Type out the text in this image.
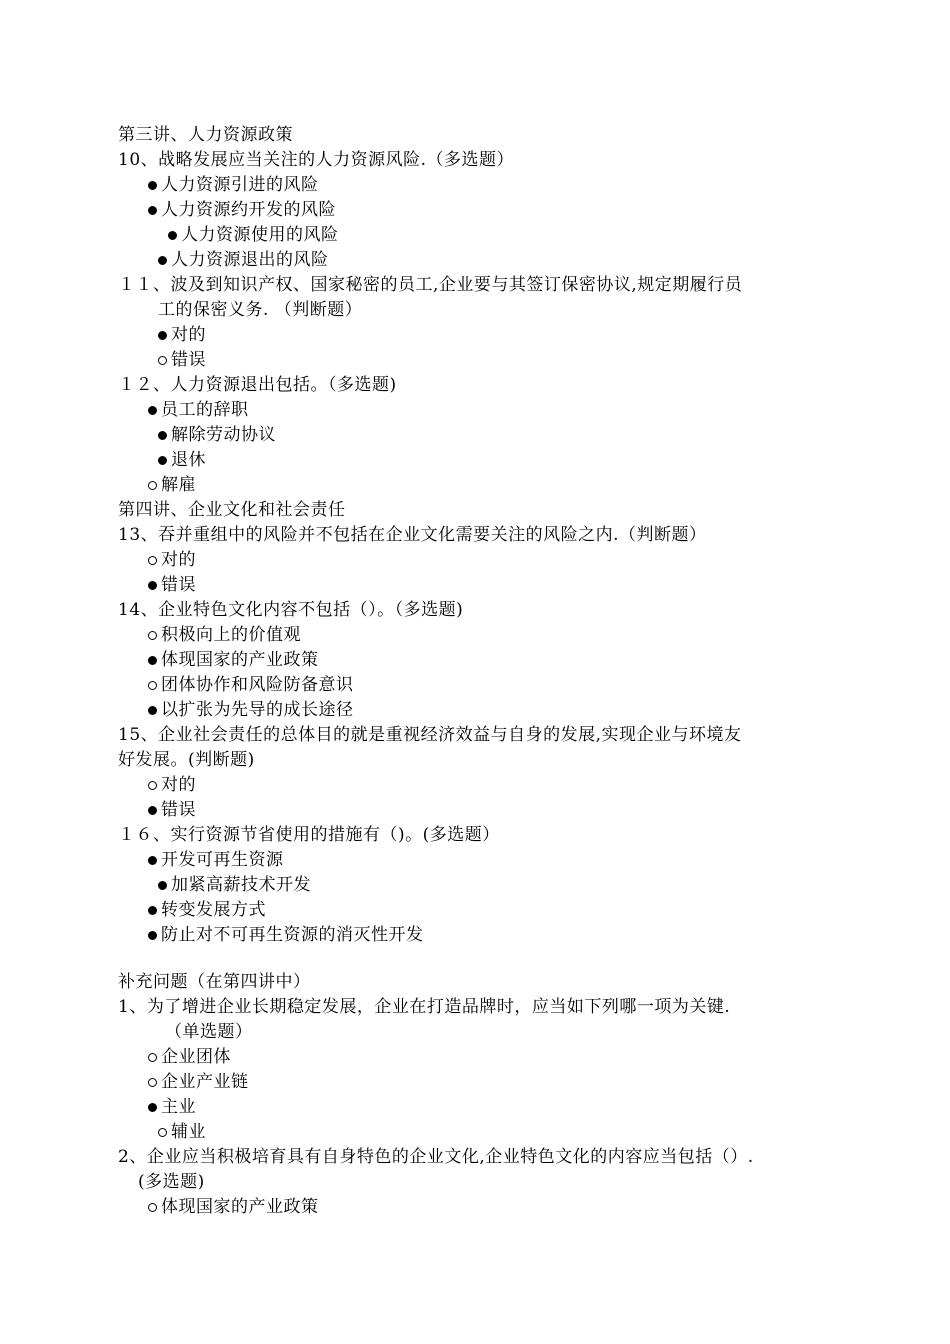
第三讲、人力资源政策
10、战略发展应当关注的人力资源风险.（多选题）
人力资源引进的风险
人力资源约开发的风险
人力资源使用的风险
人力资源退出的风险
１１、波及到知识产权、国家秘密的员工,企业要与其签订保密协议,规定期履行员
工的保密义务. （判断题）
对的
错误
１２、人力资源退出包括。（多选题)
员工的辞职
解除劳动协议
退休
解雇
第四讲、企业文化和社会责任
13、吞并重组中的风险并不包括在企业文化需要关注的风险之内.（判断题）
对的
错误
14、企业特色文化内容不包括（）。（多选题)
积极向上的价值观
体现国家的产业政策
团体协作和风险防备意识
以扩张为先导的成长途径
15、企业社会责任的总体目的就是重视经济效益与自身的发展,实现企业与环境友
好发展。(判断题)
对的
错误
１６、实行资源节省使用的措施有（)。(多选题）
开发可再生资源
加紧高薪技术开发
转变发展方式
防止对不可再生资源的消灭性开发
补充问题（在第四讲中）
1、为了增进企业长期稳定发展，企业在打造品牌时，应当如下列哪一项为关键.
（单选题）
企业团体
企业产业链
主业
辅业
2、企业应当积极培育具有自身特色的企业文化,企业特色文化的内容应当包括（）.
(多选题)
体现国家的产业政策
